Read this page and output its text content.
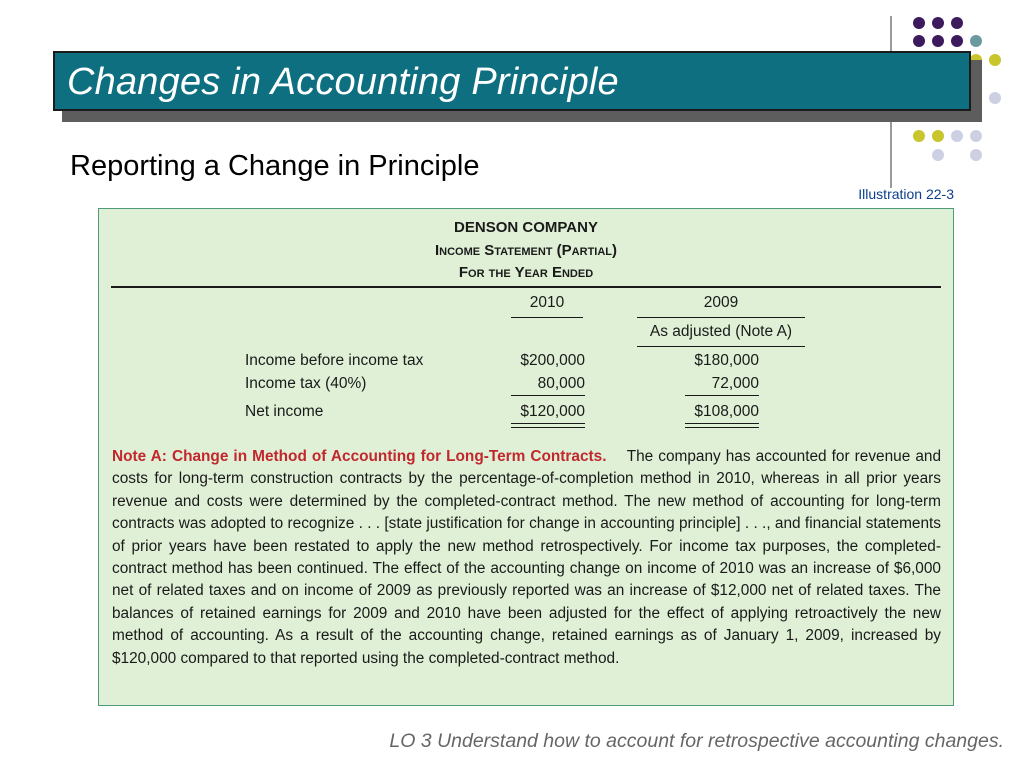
Changes in Accounting Principle
Reporting a Change in Principle
Illustration 22-3
DENSON COMPANY
Income Statement (Partial)
For the Year Ended
2010	2009
As adjusted (Note A)
Income before income tax	$200,000	$180,000
Income tax (40%)	80,000	72,000
Net income	$120,000	$108,000
Note A: Change in Method of Accounting for Long-Term Contracts. The company has accounted for revenue and costs for long-term construction contracts by the percentage-of-completion method in 2010, whereas in all prior years revenue and costs were determined by the completed-contract method. The new method of accounting for long-term contracts was adopted to recognize . . . [state justification for change in accounting principle] . . ., and financial statements of prior years have been restated to apply the new method retrospectively. For income tax purposes, the completed-contract method has been continued. The effect of the accounting change on income of 2010 was an increase of $6,000 net of related taxes and on income of 2009 as previously reported was an increase of $12,000 net of related taxes. The balances of retained earnings for 2009 and 2010 have been adjusted for the effect of applying retroactively the new method of accounting. As a result of the accounting change, retained earnings as of January 1, 2009, increased by $120,000 compared to that reported using the completed-contract method.
LO 3 Understand how to account for retrospective accounting changes.
